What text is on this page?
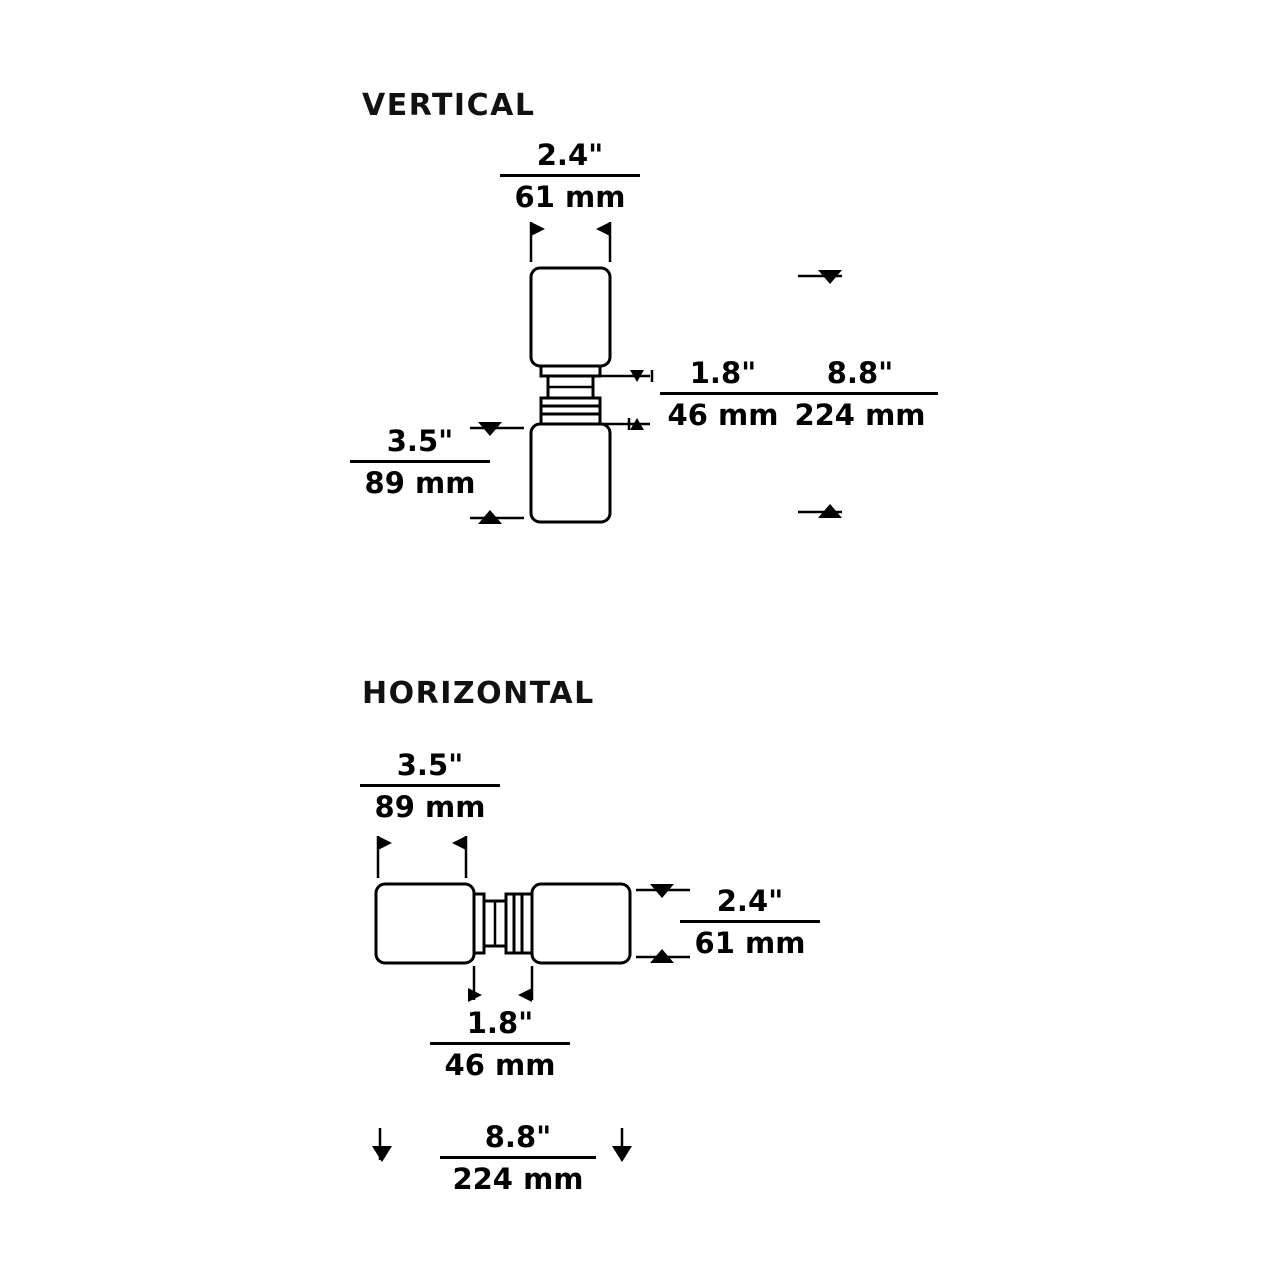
VERTICAL
HORIZONTAL
2.4"
61 mm
1.8"
46 mm
8.8"
224 mm
3.5"
89 mm
3.5"
89 mm
2.4"
61 mm
1.8"
46 mm
8.8"
224 mm
